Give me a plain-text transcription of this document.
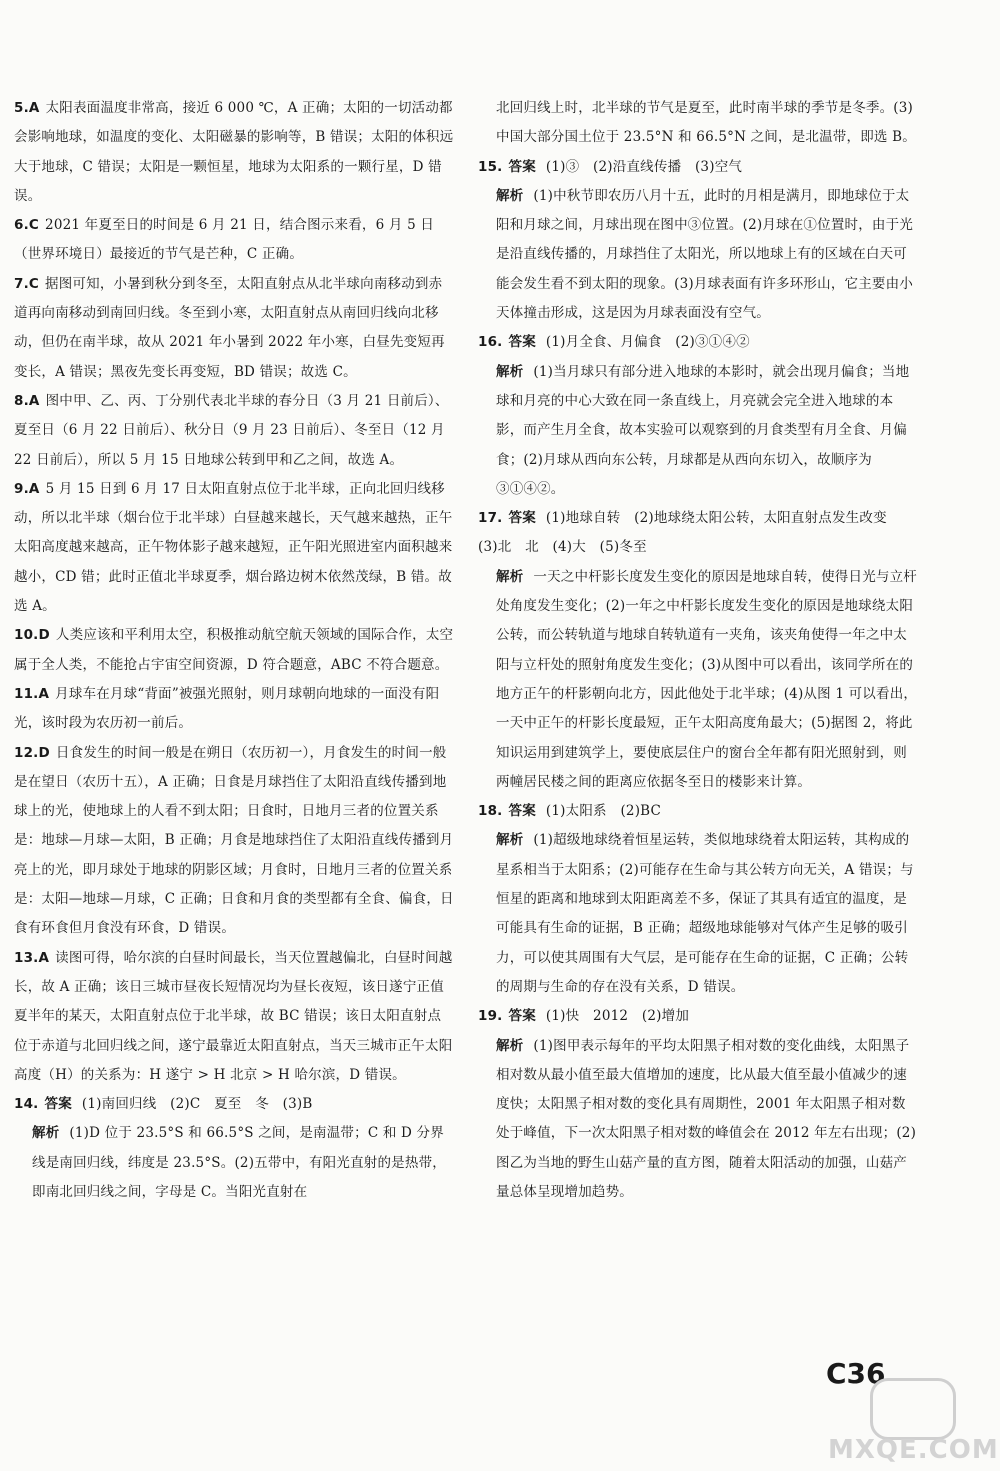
5.A 太阳表面温度非常高，接近 6 000 ℃，A 正确；太阳的一切活动都会影响地球，如温度的变化、太阳磁暴的影响等，B 错误；太阳的体积远大于地球，C 错误；太阳是一颗恒星，地球为太阳系的一颗行星，D 错误。

6.C 2021 年夏至日的时间是 6 月 21 日，结合图示来看，6 月 5 日（世界环境日）最接近的节气是芒种，C 正确。

7.C 据图可知，小暑到秋分到冬至，太阳直射点从北半球向南移动到赤道再向南移动到南回归线。冬至到小寒，太阳直射点从南回归线向北移动，但仍在南半球，故从 2021 年小暑到 2022 年小寒，白昼先变短再变长，A 错误；黑夜先变长再变短，BD 错误；故选 C。

8.A 图中甲、乙、丙、丁分别代表北半球的春分日（3 月 21 日前后）、夏至日（6 月 22 日前后）、秋分日（9 月 23 日前后）、冬至日（12 月 22 日前后），所以 5 月 15 日地球公转到甲和乙之间，故选 A。

9.A 5 月 15 日到 6 月 17 日太阳直射点位于北半球，正向北回归线移动，所以北半球（烟台位于北半球）白昼越来越长，天气越来越热，正午太阳高度越来越高，正午物体影子越来越短，正午阳光照进室内面积越来越小，CD 错；此时正值北半球夏季，烟台路边树木依然茂绿，B 错。故选 A。

10.D 人类应该和平利用太空，积极推动航空航天领域的国际合作，太空属于全人类，不能抢占宇宙空间资源，D 符合题意，ABC 不符合题意。

11.A 月球车在月球“背面”被强光照射，则月球朝向地球的一面没有阳光，该时段为农历初一前后。

12.D 日食发生的时间一般是在朔日（农历初一），月食发生的时间一般是在望日（农历十五），A 正确；日食是月球挡住了太阳沿直线传播到地球上的光，使地球上的人看不到太阳；日食时，日地月三者的位置关系是：地球—月球—太阳，B 正确；月食是地球挡住了太阳沿直线传播到月亮上的光，即月球处于地球的阴影区域；月食时，日地月三者的位置关系是：太阳—地球—月球，C 正确；日食和月食的类型都有全食、偏食，日食有环食但月食没有环食，D 错误。

13.A 读图可得，哈尔滨的白昼时间最长，当天位置越偏北，白昼时间越长，故 A 正确；该日三城市昼夜长短情况均为昼长夜短，该日遂宁正值夏半年的某天，太阳直射点位于北半球，故 BC 错误；该日太阳直射点位于赤道与北回归线之间，遂宁最靠近太阳直射点，当天三城市正午太阳高度（H）的关系为：H 遂宁 > H 北京 > H 哈尔滨，D 错误。

14. 答案 (1)南回归线　(2)C　夏至　冬　(3)B

解析 (1)D 位于 23.5°S 和 66.5°S 之间，是南温带；C 和 D 分界线是南回归线，纬度是 23.5°S。(2)五带中，有阳光直射的是热带，即南北回归线之间，字母是 C。当阳光直射在

北回归线上时，北半球的节气是夏至，此时南半球的季节是冬季。(3)中国大部分国土位于 23.5°N 和 66.5°N 之间，是北温带，即选 B。

15. 答案 (1)③　(2)沿直线传播　(3)空气

解析 (1)中秋节即农历八月十五，此时的月相是满月，即地球位于太阳和月球之间，月球出现在图中③位置。(2)月球在①位置时，由于光是沿直线传播的，月球挡住了太阳光，所以地球上有的区域在白天可能会发生看不到太阳的现象。(3)月球表面有许多环形山，它主要由小天体撞击形成，这是因为月球表面没有空气。

16. 答案 (1)月全食、月偏食　(2)③①④②

解析 (1)当月球只有部分进入地球的本影时，就会出现月偏食；当地球和月亮的中心大致在同一条直线上，月亮就会完全进入地球的本影，而产生月全食，故本实验可以观察到的月食类型有月全食、月偏食；(2)月球从西向东公转，月球都是从西向东切入，故顺序为③①④②。

17. 答案 (1)地球自转　(2)地球绕太阳公转，太阳直射点发生改变　(3)北　北　(4)大　(5)冬至

解析 一天之中杆影长度发生变化的原因是地球自转，使得日光与立杆处角度发生变化；(2)一年之中杆影长度发生变化的原因是地球绕太阳公转，而公转轨道与地球自转轨道有一夹角，该夹角使得一年之中太阳与立杆处的照射角度发生变化；(3)从图中可以看出，该同学所在的地方正午的杆影朝向北方，因此他处于北半球；(4)从图 1 可以看出，一天中正午的杆影长度最短，正午太阳高度角最大；(5)据图 2，将此知识运用到建筑学上，要使底层住户的窗台全年都有阳光照射到，则两幢居民楼之间的距离应依据冬至日的楼影来计算。

18. 答案 (1)太阳系　(2)BC

解析 (1)超级地球绕着恒星运转，类似地球绕着太阳运转，其构成的星系相当于太阳系；(2)可能存在生命与其公转方向无关，A 错误；与恒星的距离和地球到太阳距离差不多，保证了其具有适宜的温度，是可能具有生命的证据，B 正确；超级地球能够对气体产生足够的吸引力，可以使其周围有大气层，是可能存在生命的证据，C 正确；公转的周期与生命的存在没有关系，D 错误。

19. 答案 (1)快　2012　(2)增加

解析 (1)图甲表示每年的平均太阳黑子相对数的变化曲线，太阳黑子相对数从最小值至最大值增加的速度，比从最大值至最小值减少的速度快；太阳黑子相对数的变化具有周期性，2001 年太阳黑子相对数处于峰值，下一次太阳黑子相对数的峰值会在 2012 年左右出现；(2)图乙为当地的野生山菇产量的直方图，随着太阳活动的加强，山菇产量总体呈现增加趋势。

C36
MXQE.COM
